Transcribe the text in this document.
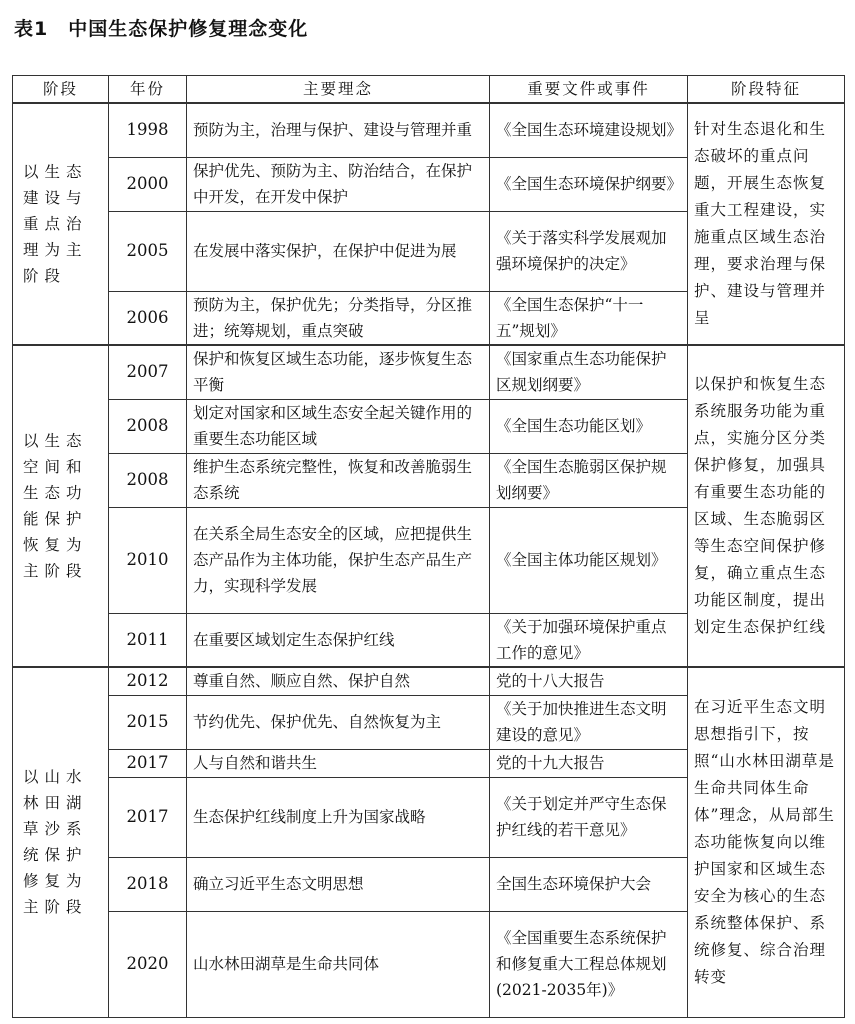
表1　中国生态保护修复理念变化
阶段	年份	主要理念	重要文件或事件	阶段特征
以生态建设与重点治理为主阶段	1998	预防为主，治理与保护、建设与管理并重	《全国生态环境建设规划》	针对生态退化和生态破坏的重点问题，开展生态恢复重大工程建设，实施重点区域生态治理，要求治理与保护、建设与管理并呈
	2000	保护优先、预防为主、防治结合，在保护中开发，在开发中保护	《全国生态环境保护纲要》	
	2005	在发展中落实保护，在保护中促进为展	《关于落实科学发展观加强环境保护的决定》	
	2006	预防为主，保护优先；分类指导，分区推进；统筹规划，重点突破	《全国生态保护“十一五”规划》	
以生态空间和生态功能保护恢复为主阶段	2007	保护和恢复区域生态功能，逐步恢复生态平衡	《国家重点生态功能保护区规划纲要》	以保护和恢复生态系统服务功能为重点，实施分区分类保护修复，加强具有重要生态功能的区域、生态脆弱区等生态空间保护修复，确立重点生态功能区制度，提出划定生态保护红线
	2008	划定对国家和区域生态安全起关键作用的重要生态功能区域	《全国生态功能区划》	
	2008	维护生态系统完整性，恢复和改善脆弱生态系统	《全国生态脆弱区保护规划纲要》	
	2010	在关系全局生态安全的区域，应把提供生态产品作为主体功能，保护生态产品生产力，实现科学发展	《全国主体功能区规划》	
	2011	在重要区域划定生态保护红线	《关于加强环境保护重点工作的意见》	
以山水林田湖草沙系统保护修复为主阶段	2012	尊重自然、顺应自然、保护自然	党的十八大报告	在习近平生态文明思想指引下，按照“山水林田湖草是生命共同体生命体”理念，从局部生态功能恢复向以维护国家和区域生态安全为核心的生态系统整体保护、系统修复、综合治理转变
	2015	节约优先、保护优先、自然恢复为主	《关于加快推进生态文明建设的意见》	
	2017	人与自然和谐共生	党的十九大报告	
	2017	生态保护红线制度上升为国家战略	《关于划定并严守生态保护红线的若干意见》	
	2018	确立习近平生态文明思想	全国生态环境保护大会	
	2020	山水林田湖草是生命共同体	《全国重要生态系统保护和修复重大工程总体规划(2021-2035年)》	
